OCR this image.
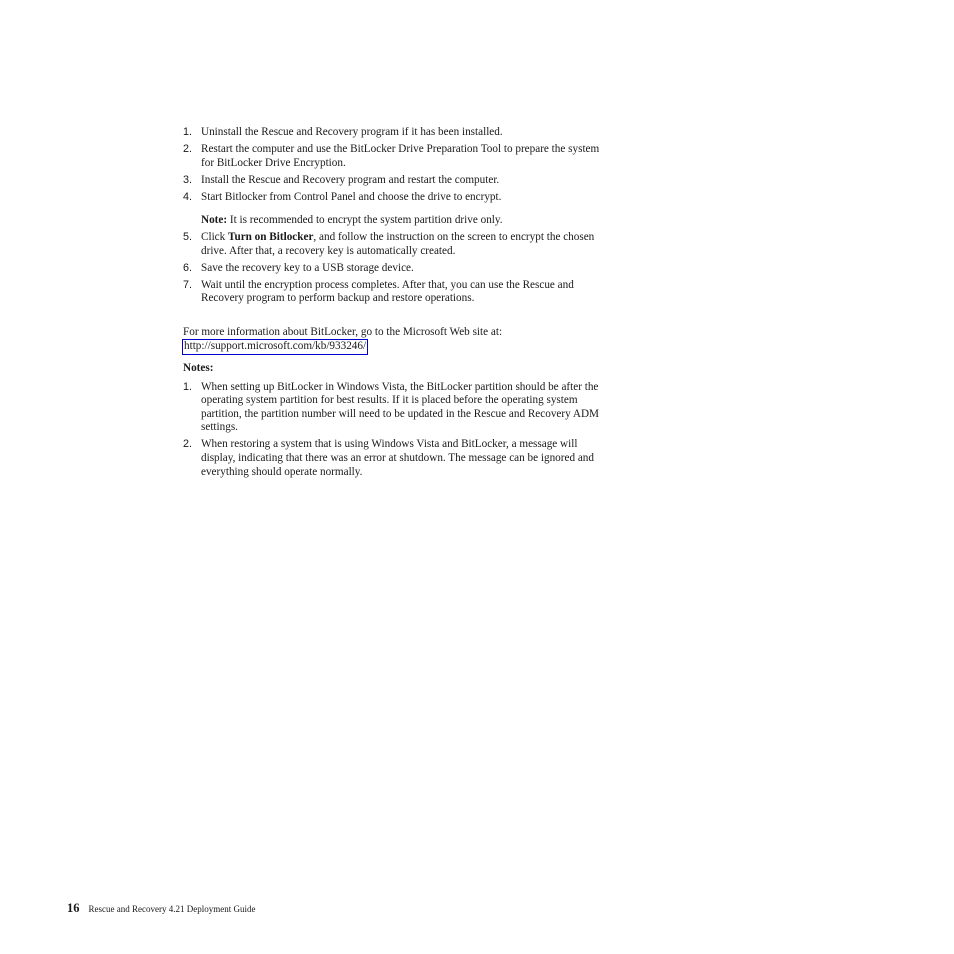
1. Uninstall the Rescue and Recovery program if it has been installed.
2. Restart the computer and use the BitLocker Drive Preparation Tool to prepare the system for BitLocker Drive Encryption.
3. Install the Rescue and Recovery program and restart the computer.
4. Start Bitlocker from Control Panel and choose the drive to encrypt.
Note: It is recommended to encrypt the system partition drive only.
5. Click Turn on Bitlocker, and follow the instruction on the screen to encrypt the chosen drive. After that, a recovery key is automatically created.
6. Save the recovery key to a USB storage device.
7. Wait until the encryption process completes. After that, you can use the Rescue and Recovery program to perform backup and restore operations.
For more information about BitLocker, go to the Microsoft Web site at:
http://support.microsoft.com/kb/933246/
Notes:
1. When setting up BitLocker in Windows Vista, the BitLocker partition should be after the operating system partition for best results. If it is placed before the operating system partition, the partition number will need to be updated in the Rescue and Recovery ADM settings.
2. When restoring a system that is using Windows Vista and BitLocker, a message will display, indicating that there was an error at shutdown. The message can be ignored and everything should operate normally.
16 Rescue and Recovery 4.21 Deployment Guide
